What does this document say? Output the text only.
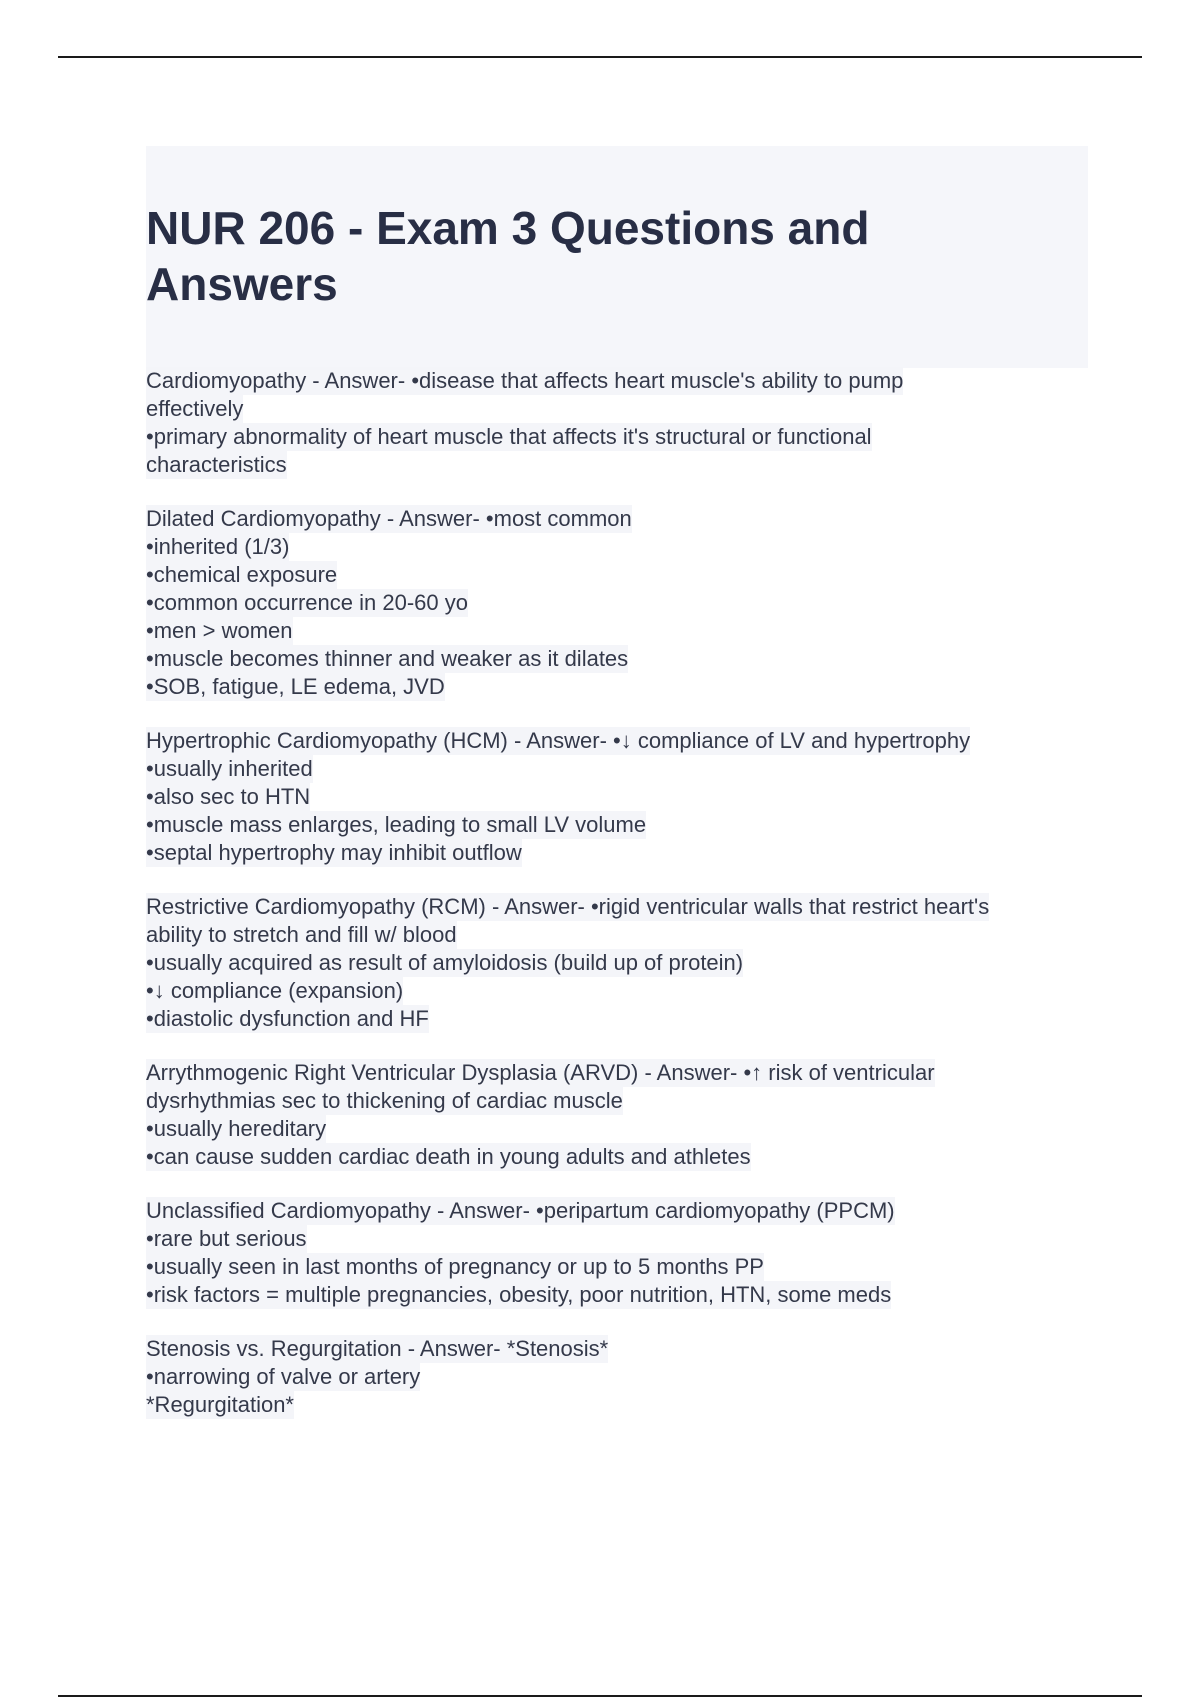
NUR 206 - Exam 3 Questions and Answers
Cardiomyopathy - Answer- •disease that affects heart muscle's ability to pump
effectively
•primary abnormality of heart muscle that affects it's structural or functional
characteristics
Dilated Cardiomyopathy - Answer- •most common
•inherited (1/3)
•chemical exposure
•common occurrence in 20-60 yo
•men > women
•muscle becomes thinner and weaker as it dilates
•SOB, fatigue, LE edema, JVD
Hypertrophic Cardiomyopathy (HCM) - Answer- •↓ compliance of LV and hypertrophy
•usually inherited
•also sec to HTN
•muscle mass enlarges, leading to small LV volume
•septal hypertrophy may inhibit outflow
Restrictive Cardiomyopathy (RCM) - Answer- •rigid ventricular walls that restrict heart's
ability to stretch and fill w/ blood
•usually acquired as result of amyloidosis (build up of protein)
•↓ compliance (expansion)
•diastolic dysfunction and HF
Arrythmogenic Right Ventricular Dysplasia (ARVD) - Answer- •↑ risk of ventricular
dysrhythmias sec to thickening of cardiac muscle
•usually hereditary
•can cause sudden cardiac death in young adults and athletes
Unclassified Cardiomyopathy - Answer- •peripartum cardiomyopathy (PPCM)
•rare but serious
•usually seen in last months of pregnancy or up to 5 months PP
•risk factors = multiple pregnancies, obesity, poor nutrition, HTN, some meds
Stenosis vs. Regurgitation - Answer- *Stenosis*
•narrowing of valve or artery
*Regurgitation*
